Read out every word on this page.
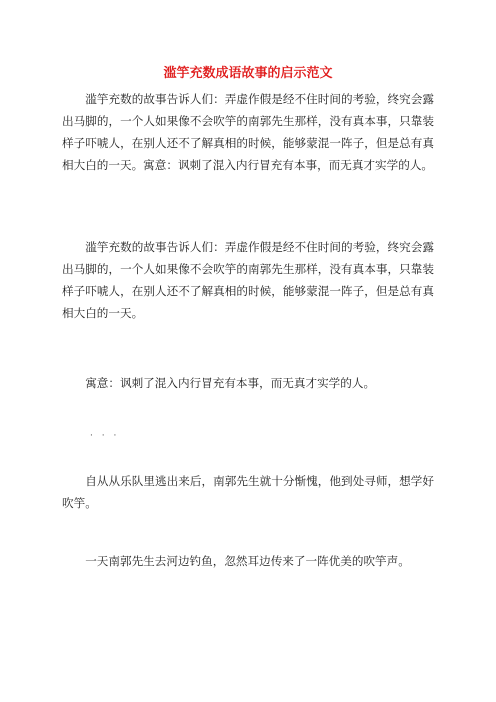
滥竽充数成语故事的启示范文

滥竽充数的故事告诉人们：弄虚作假是经不住时间的考验，终究会露出马脚的，一个人如果像不会吹竽的南郭先生那样，没有真本事，只靠装样子吓唬人，在别人还不了解真相的时候，能够蒙混一阵子，但是总有真相大白的一天。寓意：讽刺了混入内行冒充有本事，而无真才实学的人。

滥竽充数的故事告诉人们：弄虚作假是经不住时间的考验，终究会露出马脚的，一个人如果像不会吹竽的南郭先生那样，没有真本事，只靠装样子吓唬人，在别人还不了解真相的时候，能够蒙混一阵子，但是总有真相大白的一天。

寓意：讽刺了混入内行冒充有本事，而无真才实学的人。

· · ·

自从从乐队里逃出来后，南郭先生就十分惭愧，他到处寻师，想学好吹竽。

一天南郭先生去河边钓鱼，忽然耳边传来了一阵优美的吹竽声。
